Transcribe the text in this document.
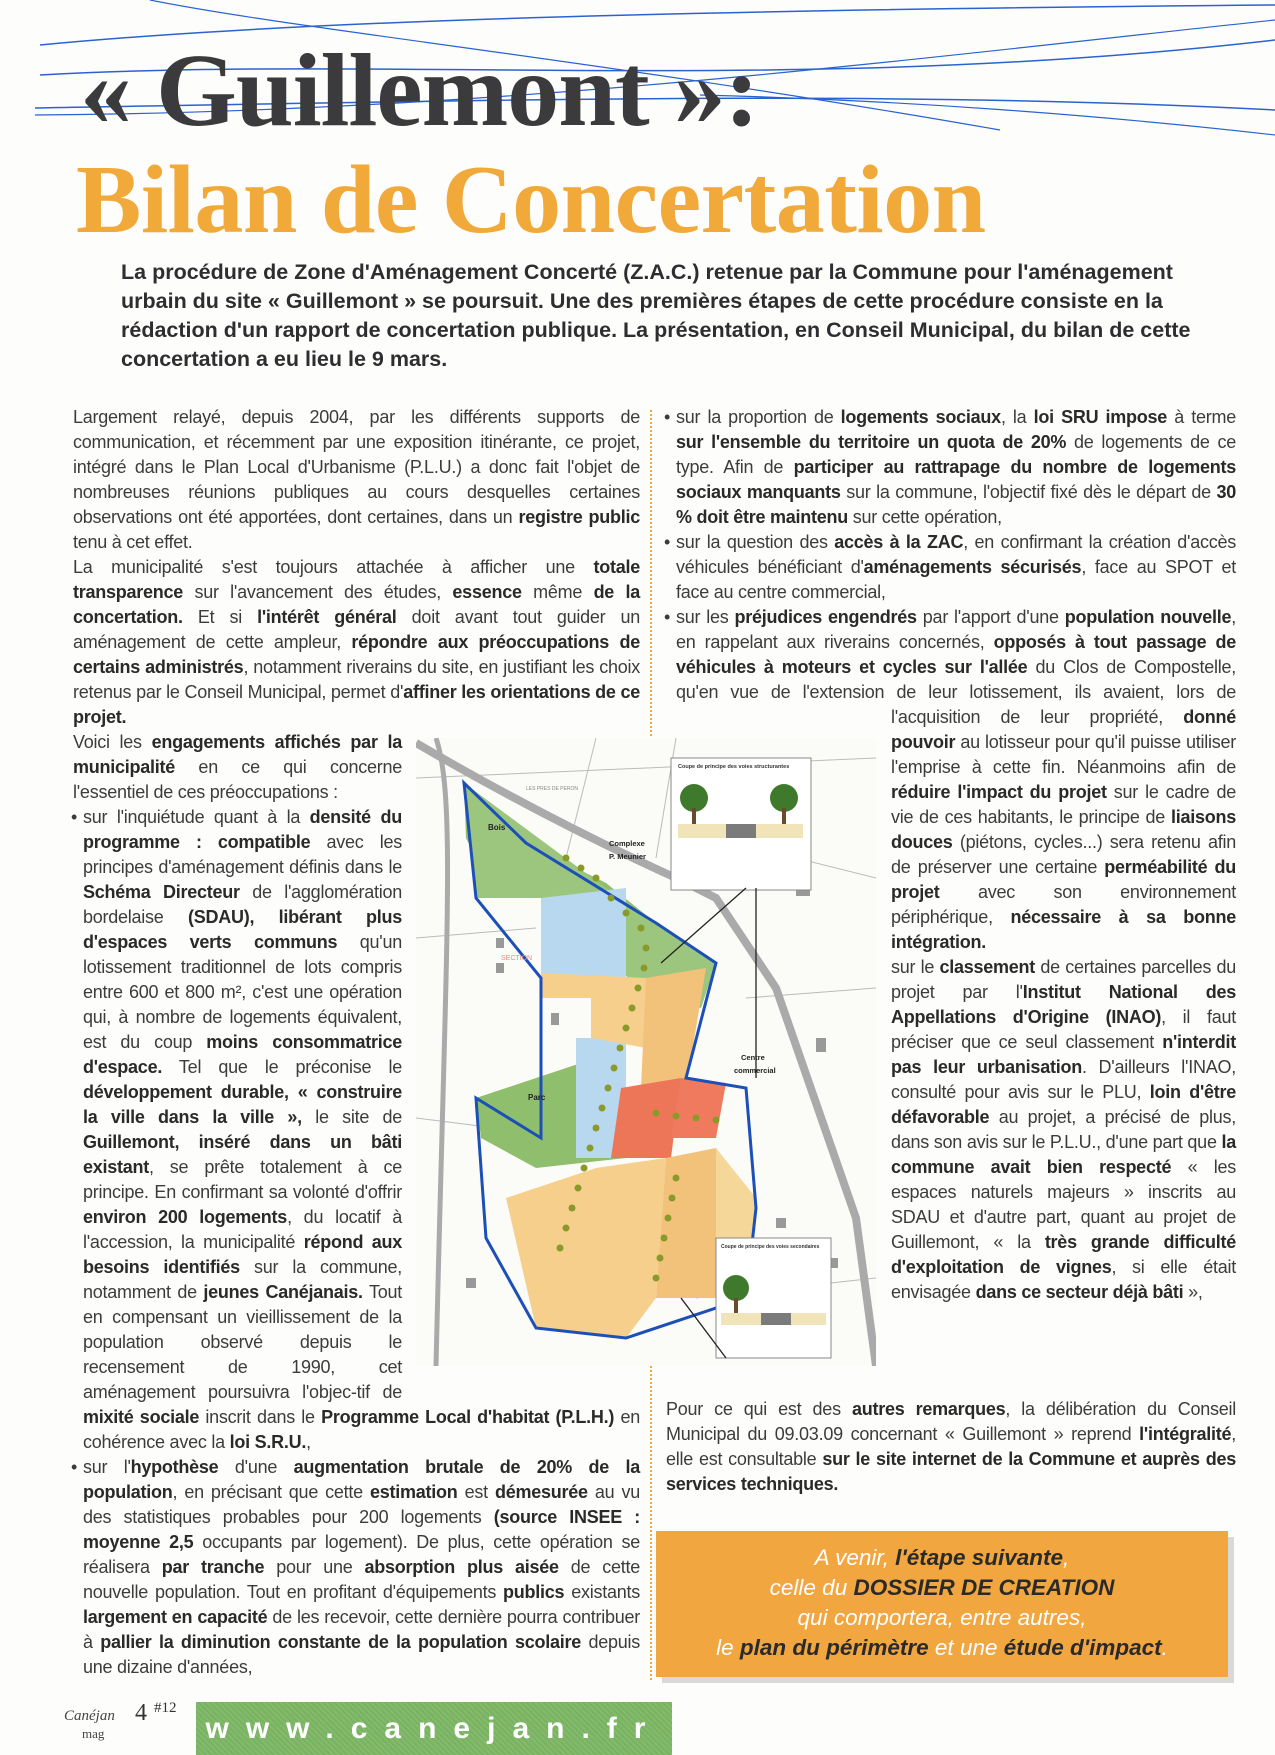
« Guillemont »:
Bilan de Concertation
La procédure de Zone d'Aménagement Concerté (Z.A.C.) retenue par la Commune pour l'aménagement urbain du site « Guillemont » se poursuit. Une des premières étapes de cette procédure consiste en la rédaction d'un rapport de concertation publique. La présentation, en Conseil Municipal, du bilan de cette concertation a eu lieu le 9 mars.

Largement relayé, depuis 2004, par les différents supports de communication, et récemment par une exposition itinérante, ce projet, intégré dans le Plan Local d'Urbanisme (P.L.U.) a donc fait l'objet de nombreuses réunions publiques au cours desquelles certaines observations ont été apportées, dont certaines, dans un registre public tenu à cet effet.

La municipalité s'est toujours attachée à afficher une totale transparence sur l'avancement des études, essence même de la concertation. Et si l'intérêt général doit avant tout guider un aménagement de cette ampleur, répondre aux préoccupations de certains administrés, notamment riverains du site, en justifiant les choix retenus par le Conseil Municipal, permet d'affiner les orientations de ce projet.

Voici les engagements affichés par la municipalité en ce qui concerne l'essentiel de ces préoccupations :

• sur l'inquiétude quant à la densité du programme : compatible avec les principes d'aménagement définis dans le Schéma Directeur de l'agglomération bordelaise (SDAU), libérant plus d'espaces verts communs qu'un lotissement traditionnel de lots compris entre 600 et 800 m², c'est une opération qui, à nombre de logements équivalent, est du coup moins consommatrice d'espace. Tel que le préconise le développement durable, « construire la ville dans la ville », le site de Guillemont, inséré dans un bâti existant, se prête totalement à ce principe. En confirmant sa volonté d'offrir environ 200 logements, du locatif à l'accession, la municipalité répond aux besoins identifiés sur la commune, notamment de jeunes Canéjanais. Tout en compensant un vieillissement de la population observé depuis le recensement de 1990, cet aménagement poursuivra l'objec-tif de mixité sociale inscrit dans le Programme Local d'habitat (P.L.H.) en cohérence avec la loi S.R.U.,

• sur l'hypothèse d'une augmentation brutale de 20% de la population, en précisant que cette estimation est démesurée au vu des statistiques probables pour 200 logements (source INSEE : moyenne 2,5 occupants par logement). De plus, cette opération se réalisera par tranche pour une absorption plus aisée de cette nouvelle population. Tout en profitant d'équipements publics existants largement en capacité de les recevoir, cette dernière pourra contribuer à pallier la diminution constante de la population scolaire depuis une dizaine d'années,

• sur la proportion de logements sociaux, la loi SRU impose à terme sur l'ensemble du territoire un quota de 20% de logements de ce type. Afin de participer au rattrapage du nombre de logements sociaux manquants sur la commune, l'objectif fixé dès le départ de 30 % doit être maintenu sur cette opération,

• sur la question des accès à la ZAC, en confirmant la création d'accès véhicules bénéficiant d'aménagements sécurisés, face au SPOT et face au centre commercial,

• sur les préjudices engendrés par l'apport d'une population nouvelle, en rappelant aux riverains concernés, opposés à tout passage de véhicules à moteurs et cycles sur l'allée du Clos de Compostelle, qu'en vue de l'extension de leur lotissement, ils avaient, lors de l'acquisition de leur propriété, donné pouvoir au lotisseur pour qu'il puisse utiliser l'emprise à cette fin. Néanmoins afin de réduire l'impact du projet sur le cadre de vie de ces habitants, le principe de liaisons douces (piétons, cycles...) sera retenu afin de préserver une certaine perméabilité du projet avec son environnement périphérique, nécessaire à sa bonne intégration.

• sur le classement de certaines parcelles du projet par l'Institut National des Appellations d'Origine (INAO), il faut préciser que ce seul classement n'interdit pas leur urbanisation. D'ailleurs l'INAO, consulté pour avis sur le PLU, loin d'être défavorable au projet, a précisé de plus, dans son avis sur le P.L.U., d'une part que la commune avait bien respecté « les espaces naturels majeurs » inscrits au SDAU et d'autre part, quant au projet de Guillemont, « la très grande difficulté d'exploitation de vignes, si elle était envisagée dans ce secteur déjà bâti »,

Pour ce qui est des autres remarques, la délibération du Conseil Municipal du 09.03.09 concernant « Guillemont » reprend l'intégralité, elle est consultable sur le site internet de la Commune et auprès des services techniques.

A venir, l'étape suivante,
celle du DOSSIER DE CREATION
qui comportera, entre autres,
le plan du périmètre et une étude d'impact.
Bois
Parc
Complexe
P. Meunier
Centre
commercial
LES PRES DE PERON
SECTION
Coupe de principe des voies structurantes
Coupe de principe des voies secondaires
Canéjan
mag
4 #12
www.canejan.fr
